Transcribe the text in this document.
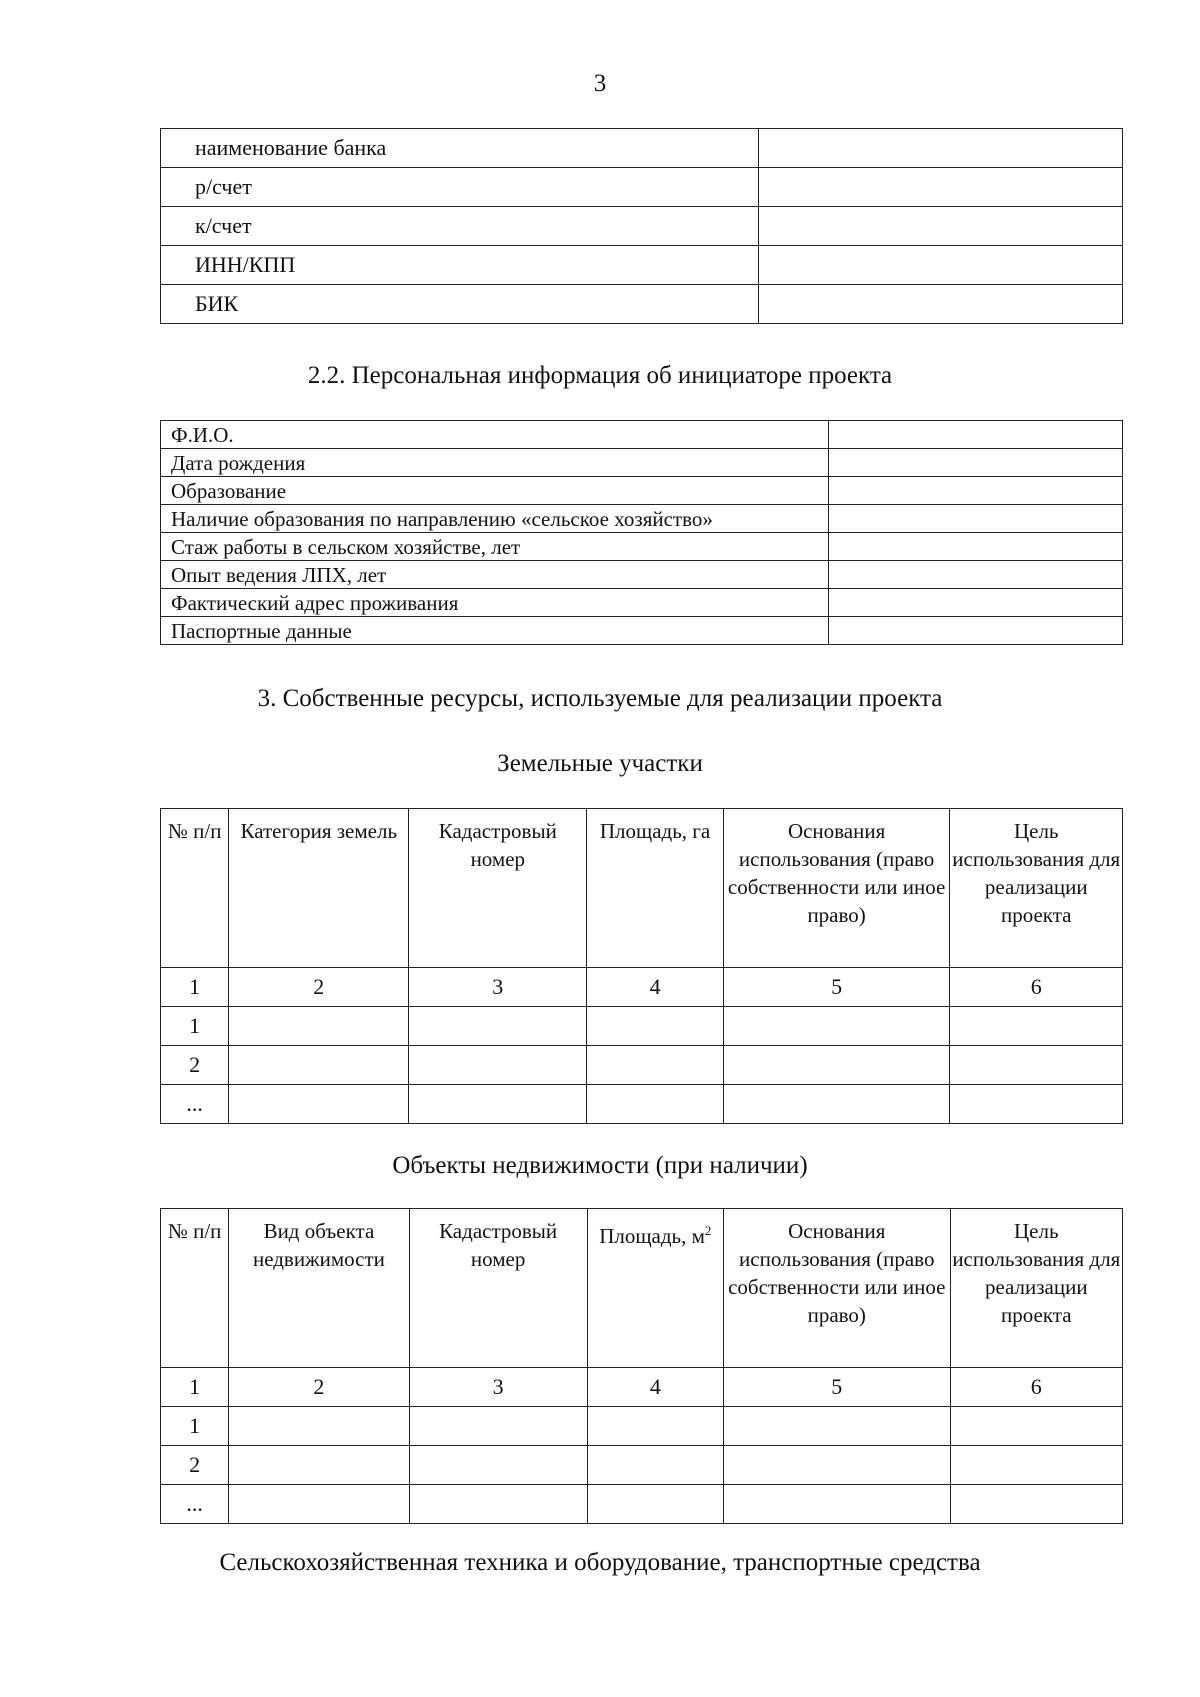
3
наименование банка	
р/счет	
к/счет	
ИНН/КПП	
БИК	
2.2. Персональная информация об инициаторе проекта
Ф.И.О.	
Дата рождения	
Образование	
Наличие образования по направлению «сельское хозяйство»	
Стаж работы в сельском хозяйстве, лет	
Опыт ведения ЛПХ, лет	
Фактический адрес проживания	
Паспортные данные	
3. Собственные ресурсы, используемые для реализации проекта
Земельные участки
№ п/п	Категория земель	Кадастровый номер	Площадь, га	Основания использования (право собственности или иное право)	Цель использования для реализации проекта
1	2	3	4	5	6
1					
2					
...					
Объекты недвижимости (при наличии)
№ п/п	Вид объекта недвижимости	Кадастровый номер	Площадь, $м^2$	Основания использования (право собственности или иное право)	Цель использования для реализации проекта
1	2	3	4	5	6
1					
2					
...					
Сельскохозяйственная техника и оборудование, транспортные средства
